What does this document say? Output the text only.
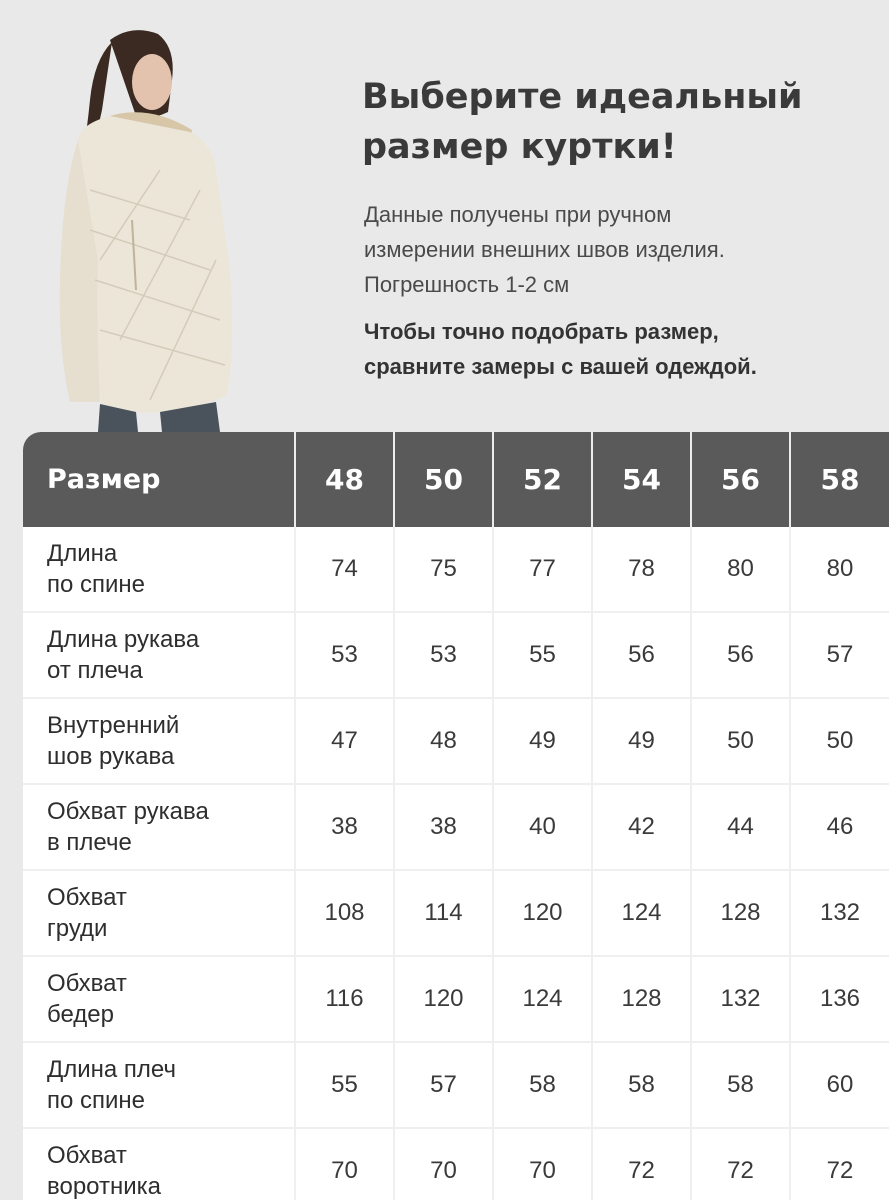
Выберите идеальный
размер куртки!
Данные получены при ручном
измерении внешних швов изделия.
Погрешность 1-2 см
Чтобы точно подобрать размер,
сравните замеры с вашей одеждой.
Размер	48	50	52	54	56	58

Длина
по спине	74	75	77	78	80	80

Длина рукава
от плеча	53	53	55	56	56	57

Внутренний
шов рукава	47	48	49	49	50	50

Обхват рукава
в плече	38	38	40	42	44	46

Обхват
груди	108	114	120	124	128	132

Обхват
бедер	116	120	124	128	132	136

Длина плеч
по спине	55	57	58	58	58	60

Обхват
воротника	70	70	70	72	72	72
